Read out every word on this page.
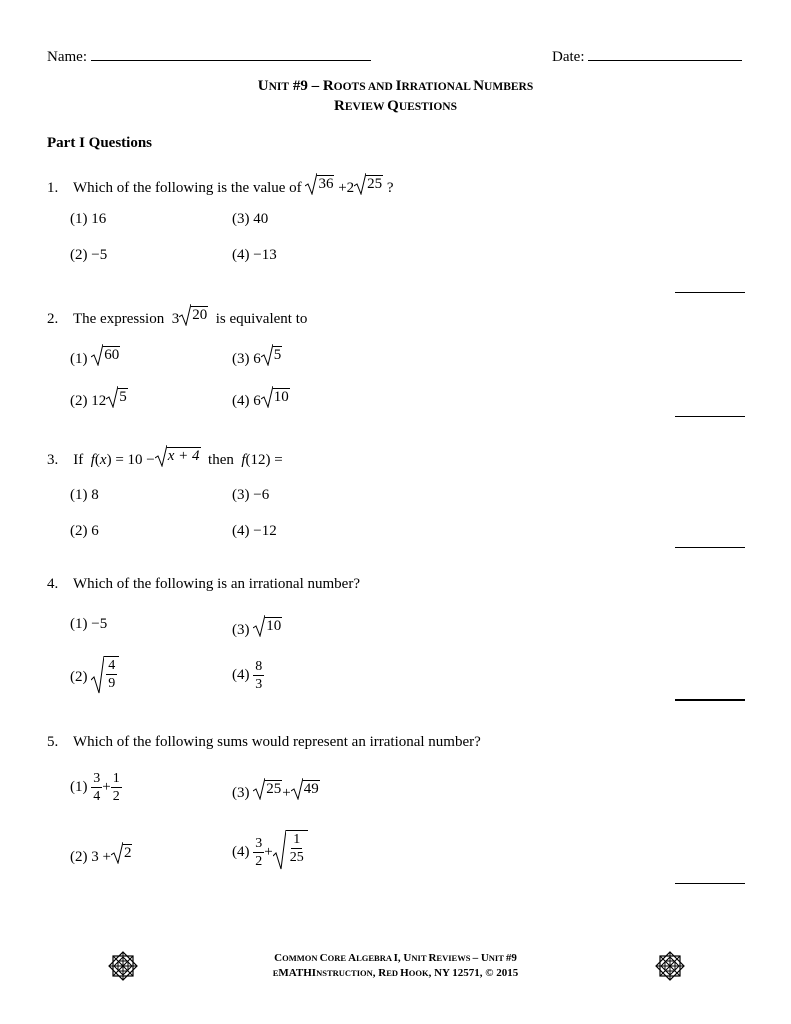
Name:	Date:
UNIT #9 – ROOTS AND IRRATIONAL NUMBERS
REVIEW QUESTIONS
Part I Questions
1. Which of the following is the value of 36 +2 25 ?
(1) 16	(3) 40
(2) −5	(4) −13
2. The expression 3 20 is equivalent to
(1) 60	(3) 6 5
(2) 12 5	(4) 6 10
3. If f(x) = 10 − x + 4 then f(12) =
(1) 8	(3) −6
(2) 6	(4) −12
4. Which of the following is an irrational number?
(1) −5	(3) 10
$(2) \frac{4}{9}$	$(4) \frac{8}{3}$
5. Which of the following sums would represent an irrational number?
$(1) \frac{3}{4} + \frac{1}{2}$	(3) 25 + 49
(2) 3 + 2	$(4) \frac{3}{2} + \frac{1}{25}$
COMMON CORE ALGEBRA I, UNIT REVIEWS – UNIT #9
EMATHINSTRUCTION, RED HOOK, NY 12571, © 2015
